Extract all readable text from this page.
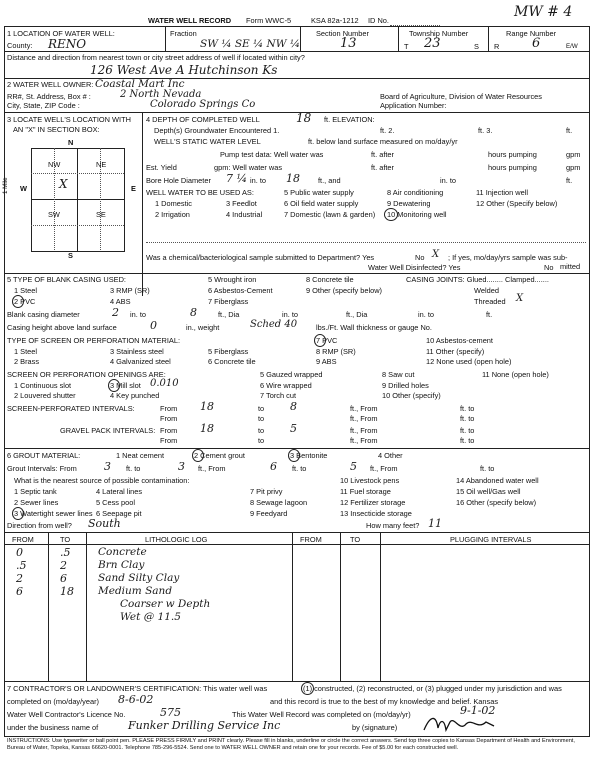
WATER WELL RECORD Form WWC-5	KSA 82a-1212 ID No.
MW # 4
1 LOCATION OF WATER WELL:	Fraction	Section Number	Township Number	Range Number
County: RENO	SW ¼ SE ¼ NW ¼	13	T 23	S R	6	E/W
Distance and direction from nearest town or city street address of well if located within city?
126 West Ave A Hutchinson Ks
2 WATER WELL OWNER: Coastal Mart Inc
RR#, St. Address, Box # :	2 North Nevada
City, State, ZIP Code :	Colorado Springs Co
Board of Agriculture, Division of Water Resources
Application Number:
3 LOCATE WELL'S LOCATION WITH
AN "X" IN SECTION BOX:
N
S
W	E
1 Mile
NW	NE
SW	SE
X
4 DEPTH OF COMPLETED WELL	18 ft. ELEVATION:
Depth(s) Groundwater Encountered 1.	ft. 2.	ft. 3.	ft.
WELL'S STATIC WATER LEVEL	ft. below land surface measured on mo/day/yr
Pump test data: Well water was	ft. after	hours pumping	gpm
Est. Yield	gpm: Well water was	ft. after	hours pumping	gpm
Bore Hole Diameter 7 ¼ in. to 18 ft., and	in. to	ft.
WELL WATER TO BE USED AS:	5 Public water supply	8 Air conditioning	11 Injection well
1 Domestic	3 Feedlot	6 Oil field water supply	9 Dewatering	12 Other (Specify below)
2 Irrigation	4 Industrial	7 Domestic (lawn & garden) 10 Monitoring well
Was a chemical/bacteriological sample submitted to Department? Yes	No X ; If yes, mo/day/yrs sample was sub-
mitted
Water Well Disinfected? Yes	No
5 TYPE OF BLANK CASING USED:
1 Steel
2 PVC
3 RMP (SR)
4 ABS
5 Wrought iron
6 Asbestos-Cement
7 Fiberglass
8 Concrete tile
9 Other (specify below)
CASING JOINTS: Glued........ Clamped.......
Welded
Threaded X
Blank casing diameter	2 in. to	8	ft., Dia	in. to	ft., Dia	in. to	ft.
Casing height above land surface	0	in., weight	Sched 40	lbs./Ft. Wall thickness or gauge No.
TYPE OF SCREEN OR PERFORATION MATERIAL:	7 PVC	10 Asbestos-cement
1 Steel	3 Stainless steel	5 Fiberglass	8 RMP (SR)	11 Other (specify)
2 Brass	4 Galvanized steel	6 Concrete tile	9 ABS	12 None used (open hole)
SCREEN OR PERFORATION OPENINGS ARE:	5 Gauzed wrapped	8 Saw cut	11 None (open hole)
1 Continuous slot	3 Mill slot 0.010	6 Wire wrapped	9 Drilled holes
2 Louvered shutter	4 Key punched	7 Torch cut	10 Other (specify)
SCREEN-PERFORATED INTERVALS:	From 18	to 8	ft., From	ft. to
From	to	ft., From	ft. to
GRAVEL PACK INTERVALS: From 18	to 5	ft., From	ft. to
From	to	ft., From	ft. to
6 GROUT MATERIAL:	1 Neat cement	2 Cement grout	3 Bentonite	4 Other
Grout Intervals: From 3 ft. to	3 ft., From	6 ft. to	5 ft., From	ft. to
What is the nearest source of possible contamination:	10 Livestock pens	14 Abandoned water well
1 Septic tank	4 Lateral lines	7 Pit privy	11 Fuel storage	15 Oil well/Gas well
2 Sewer lines	5 Cess pool	8 Sewage lagoon	12 Fertilizer storage	16 Other (specify below)
3 Watertight sewer lines 6 Seepage pit	9 Feedyard	13 Insecticide storage
Direction from well? South	How many feet? 11
FROM	TO	LITHOLOGIC LOG	FROM	TO	PLUGGING INTERVALS
0	.5	Concrete
.5	2	Brn Clay
2	6	Sand Silty Clay
6	18 Medium Sand
Coarser w Depth
Wet @ 11.5
7 CONTRACTOR'S OR LANDOWNER'S CERTIFICATION: This water well was	(1) constructed, (2) reconstructed, or (3) plugged under my jurisdiction and was
completed on (mo/day/year) 8-6-02	and this record is true to the best of my knowledge and belief. Kansas
Water Well Contractor's Licence No.	575	This Water Well Record was completed on (mo/day/yr)	9-1-02
under the business name of	Funker Drilling Service Inc	by (signature)
INSTRUCTIONS: Use typewriter or ball point pen. PLEASE PRESS FIRMLY and PRINT clearly. Please fill in blanks, underline or circle the correct answers. Send top three copies to Kansas Department of Health and Environment, Bureau of Water, Topeka, Kansas 66620-0001. Telephone 785-296-5524. Send one to WATER WELL OWNER and retain one for your records. Fee of $5.00 for each constructed well.
